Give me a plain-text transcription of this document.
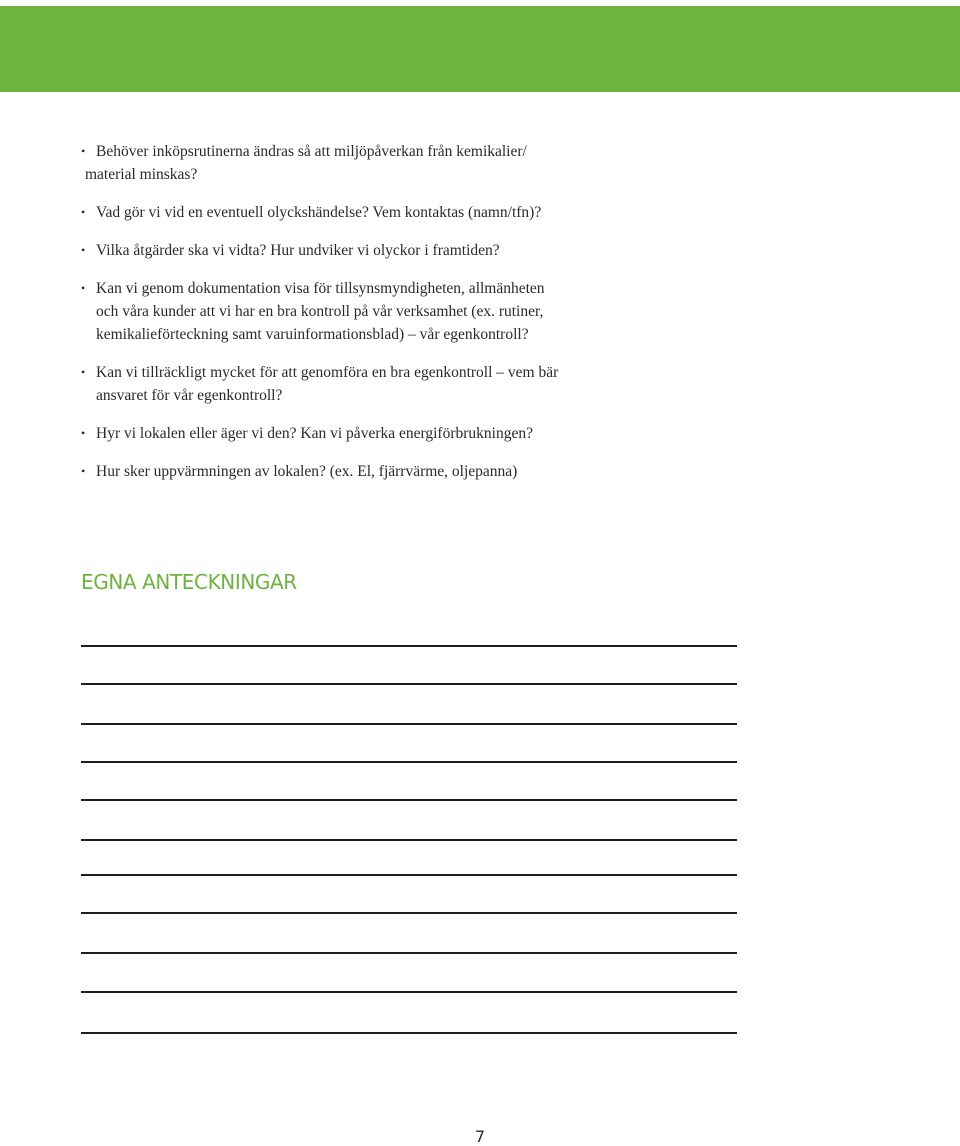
• Behöver inköpsrutinerna ändras så att miljöpåverkan från kemikalier/
material minskas?
• Vad gör vi vid en eventuell olyckshändelse? Vem kontaktas (namn/tfn)?
• Vilka åtgärder ska vi vidta? Hur undviker vi olyckor i framtiden?
• Kan vi genom dokumentation visa för tillsynsmyndigheten, allmänheten
och våra kunder att vi har en bra kontroll på vår verksamhet (ex. rutiner,
kemikalieförteckning samt varuinformationsblad) – vår egenkontroll?
• Kan vi tillräckligt mycket för att genomföra en bra egenkontroll – vem bär
ansvaret för vår egenkontroll?
• Hyr vi lokalen eller äger vi den? Kan vi påverka energiförbrukningen?
• Hur sker uppvärmningen av lokalen? (ex. El, fjärrvärme, oljepanna)
EGNA ANTECKNINGAR
7
